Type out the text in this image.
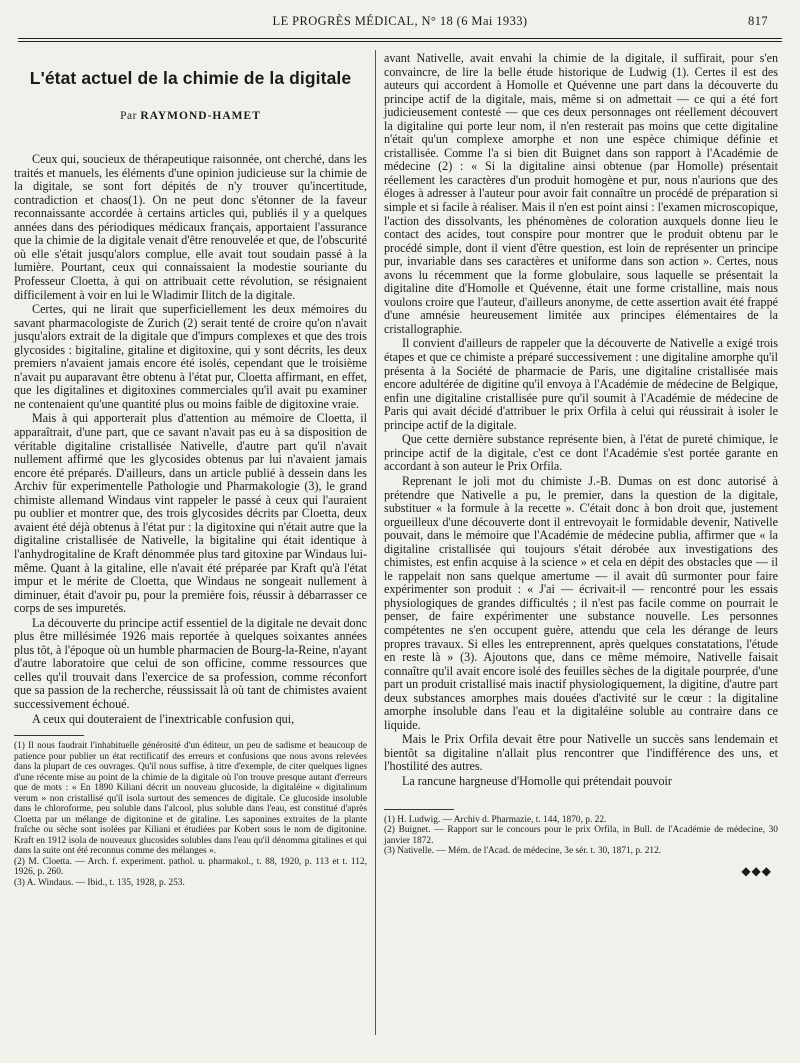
LE PROGRÈS MÉDICAL, N° 18 (6 Mai 1933)	817
L'état actuel de la chimie de la digitale
Par RAYMOND-HAMET

Ceux qui, soucieux de thérapeutique raisonnée, ont cherché, dans les traités et manuels, les éléments d'une opinion judicieuse sur la chimie de la digitale, se sont fort dépités de n'y trouver qu'incertitude, contradiction et chaos(1). On ne peut donc s'étonner de la faveur reconnaissante accordée à certains articles qui, publiés il y a quelques années dans des périodiques médicaux français, apportaient l'assurance que la chimie de la digitale venait d'être renouvelée et que, de l'obscurité où elle s'était jusqu'alors complue, elle avait tout soudain passé à la lumière. Pourtant, ceux qui connaissaient la modestie souriante du Professeur Cloetta, à qui on attribuait cette révolution, se résignaient difficilement à voir en lui le Wladimir Ilitch de la digitale.

Certes, qui ne lirait que superficiellement les deux mémoires du savant pharmacologiste de Zurich (2) serait tenté de croire qu'on n'avait jusqu'alors extrait de la digitale que d'impurs complexes et que des trois glycosides : bigitaline, gitaline et digitoxine, qui y sont décrits, les deux premiers n'avaient jamais encore été isolés, cependant que le troisième n'avait pu auparavant être obtenu à l'état pur, Cloetta affirmant, en effet, que les digitalines et digitoxines commerciales qu'il avait pu examiner ne contenaient qu'une quantité plus ou moins faible de digitoxine vraie.

Mais à qui apporterait plus d'attention au mémoire de Cloetta, il apparaîtrait, d'une part, que ce savant n'avait pas eu à sa disposition de véritable digitaline cristallisée Nativelle, d'autre part qu'il n'avait nullement affirmé que les glycosides obtenus par lui n'avaient jamais encore été préparés. D'ailleurs, dans un article publié à dessein dans les Archiv für experimentelle Pathologie und Pharmakologie (3), le grand chimiste allemand Windaus vint rappeler le passé à ceux qui l'auraient pu oublier et montrer que, des trois glycosides décrits par Cloetta, deux avaient été déjà obtenus à l'état pur : la digitoxine qui n'était autre que la digitaline cristallisée de Nativelle, la bigitaline qui était identique à l'anhydrogitaline de Kraft dénommée plus tard gitoxine par Windaus lui-même. Quant à la gitaline, elle n'avait été préparée par Kraft qu'à l'état impur et le mérite de Cloetta, que Windaus ne songeait nullement à diminuer, était d'avoir pu, pour la première fois, réussir à débarrasser ce corps de ses impuretés.

La découverte du principe actif essentiel de la digitale ne devait donc plus être millésimée 1926 mais reportée à quelques soixantes années plus tôt, à l'époque où un humble pharmacien de Bourg-la-Reine, n'ayant d'autre laboratoire que celui de son officine, comme ressources que celles qu'il trouvait dans l'exercice de sa profession, comme réconfort que sa passion de la recherche, réussissait là où tant de chimistes avaient successivement échoué.

A ceux qui douteraient de l'inextricable confusion qui,

(1) Il nous faudrait l'inhabituelle générosité d'un éditeur, un peu de sadisme et beaucoup de patience pour publier un état rectificatif des erreurs et confusions que nous avons relevées dans la plupart de ces ouvrages. Qu'il nous suffise, à titre d'exemple, de citer quelques lignes d'une récente mise au point de la chimie de la digitale où l'on trouve presque autant d'erreurs que de mots : « En 1890 Kiliani décrit un nouveau glucoside, la digitaléine « digitalinum verum » non cristallisé qu'il isola surtout des semences de digitale. Ce glucoside insoluble dans le chloroforme, peu soluble dans l'alcool, plus soluble dans l'eau, est constitué d'après Cloetta par un mélange de digitonine et de gitaline. Les saponines extraites de la plante fraîche ou sèche sont isolées par Kiliani et étudiées par Kobert sous le nom de digitonine. Kraft en 1912 isola de nouveaux glucosides solubles dans l'eau qu'il dénomma gitalines et qui dans la suite ont été reconnus comme des mélanges ».

(2) M. Cloetta. — Arch. f. experiment. pathol. u. pharmakol., t. 88, 1920, p. 113 et t. 112, 1926, p. 260.

(3) A. Windaus. — Ibid., t. 135, 1928, p. 253.

avant Nativelle, avait envahi la chimie de la digitale, il suffirait, pour s'en convaincre, de lire la belle étude historique de Ludwig (1). Certes il est des auteurs qui accordent à Homolle et Quévenne une part dans la découverte du principe actif de la digitale, mais, même si on admettait — ce qui a été fort judicieusement contesté — que ces deux personnages ont réellement découvert la digitaline qui porte leur nom, il n'en resterait pas moins que cette digitaline n'était qu'un complexe amorphe et non une espèce chimique définie et cristallisée. Comme l'a si bien dit Buignet dans son rapport à l'Académie de médecine (2) : « Si la digitaline ainsi obtenue (par Homolle) présentait réellement les caractères d'un produit homogène et pur, nous n'aurions que des éloges à adresser à l'auteur pour avoir fait connaître un procédé de préparation si simple et si facile à réaliser. Mais il n'en est point ainsi : l'examen microscopique, l'action des dissolvants, les phénomènes de coloration auxquels donne lieu le contact des acides, tout conspire pour montrer que le produit obtenu par le procédé simple, dont il vient d'être question, est loin de représenter un principe pur, invariable dans ses caractères et uniforme dans son action ». Certes, nous avons lu récemment que la forme globulaire, sous laquelle se présentait la digitaline dite d'Homolle et Quévenne, était une forme cristalline, mais nous voulons croire que l'auteur, d'ailleurs anonyme, de cette assertion avait été frappé d'une amnésie heureusement limitée aux principes élémentaires de la cristallographie.

Il convient d'ailleurs de rappeler que la découverte de Nativelle a exigé trois étapes et que ce chimiste a préparé successivement : une digitaline amorphe qu'il présenta à la Société de pharmacie de Paris, une digitaline cristallisée mais encore adultérée de digitine qu'il envoya à l'Académie de médecine de Belgique, enfin une digitaline cristallisée pure qu'il soumit à l'Académie de médecine de Paris qui avait décidé d'attribuer le prix Orfila à celui qui réussirait à isoler le principe actif de la digitale.

Que cette dernière substance représente bien, à l'état de pureté chimique, le principe actif de la digitale, c'est ce dont l'Académie s'est portée garante en accordant à son auteur le Prix Orfila.

Reprenant le joli mot du chimiste J.-B. Dumas on est donc autorisé à prétendre que Nativelle a pu, le premier, dans la question de la digitale, substituer « la formule à la recette ». C'était donc à bon droit que, justement orgueilleux d'une découverte dont il entrevoyait le formidable devenir, Nativelle pouvait, dans le mémoire que l'Académie de médecine publia, affirmer que « la digitaline cristallisée qui toujours s'était dérobée aux investigations des chimistes, est enfin acquise à la science » et cela en dépit des obstacles que — il le rappelait non sans quelque amertume — il avait dû surmonter pour faire expérimenter son produit : « J'ai — écrivait-il — rencontré pour les essais physiologiques de grandes difficultés ; il n'est pas facile comme on pourrait le penser, de faire expérimenter une substance nouvelle. Les personnes compétentes ne s'en occupent guère, attendu que cela les dérange de leurs propres travaux. Si elles les entreprennent, après quelques constatations, l'étude en reste là » (3). Ajoutons que, dans ce même mémoire, Nativelle faisait connaître qu'il avait encore isolé des feuilles sèches de la digitale pourprée, d'une part un produit cristallisé mais inactif physiologiquement, la digitine, d'autre part deux substances amorphes mais douées d'activité sur le cœur : la digitaline amorphe insoluble dans l'eau et la digitaléine soluble au contraire dans ce liquide.

Mais le Prix Orfila devait être pour Nativelle un succès sans lendemain et bientôt sa digitaline n'allait plus rencontrer que l'indifférence des uns, et l'hostilité des autres.

La rancune hargneuse d'Homolle qui prétendait pouvoir

(1) H. Ludwig. — Archiv d. Pharmazie, t. 144, 1870, p. 22.

(2) Buignet. — Rapport sur le concours pour le prix Orfila, in Bull. de l'Académie de médecine, 30 janvier 1872.

(3) Nativelle. — Mém. de l'Acad. de médecine, 3e sér. t. 30, 1871, p. 212.

◆◆◆
